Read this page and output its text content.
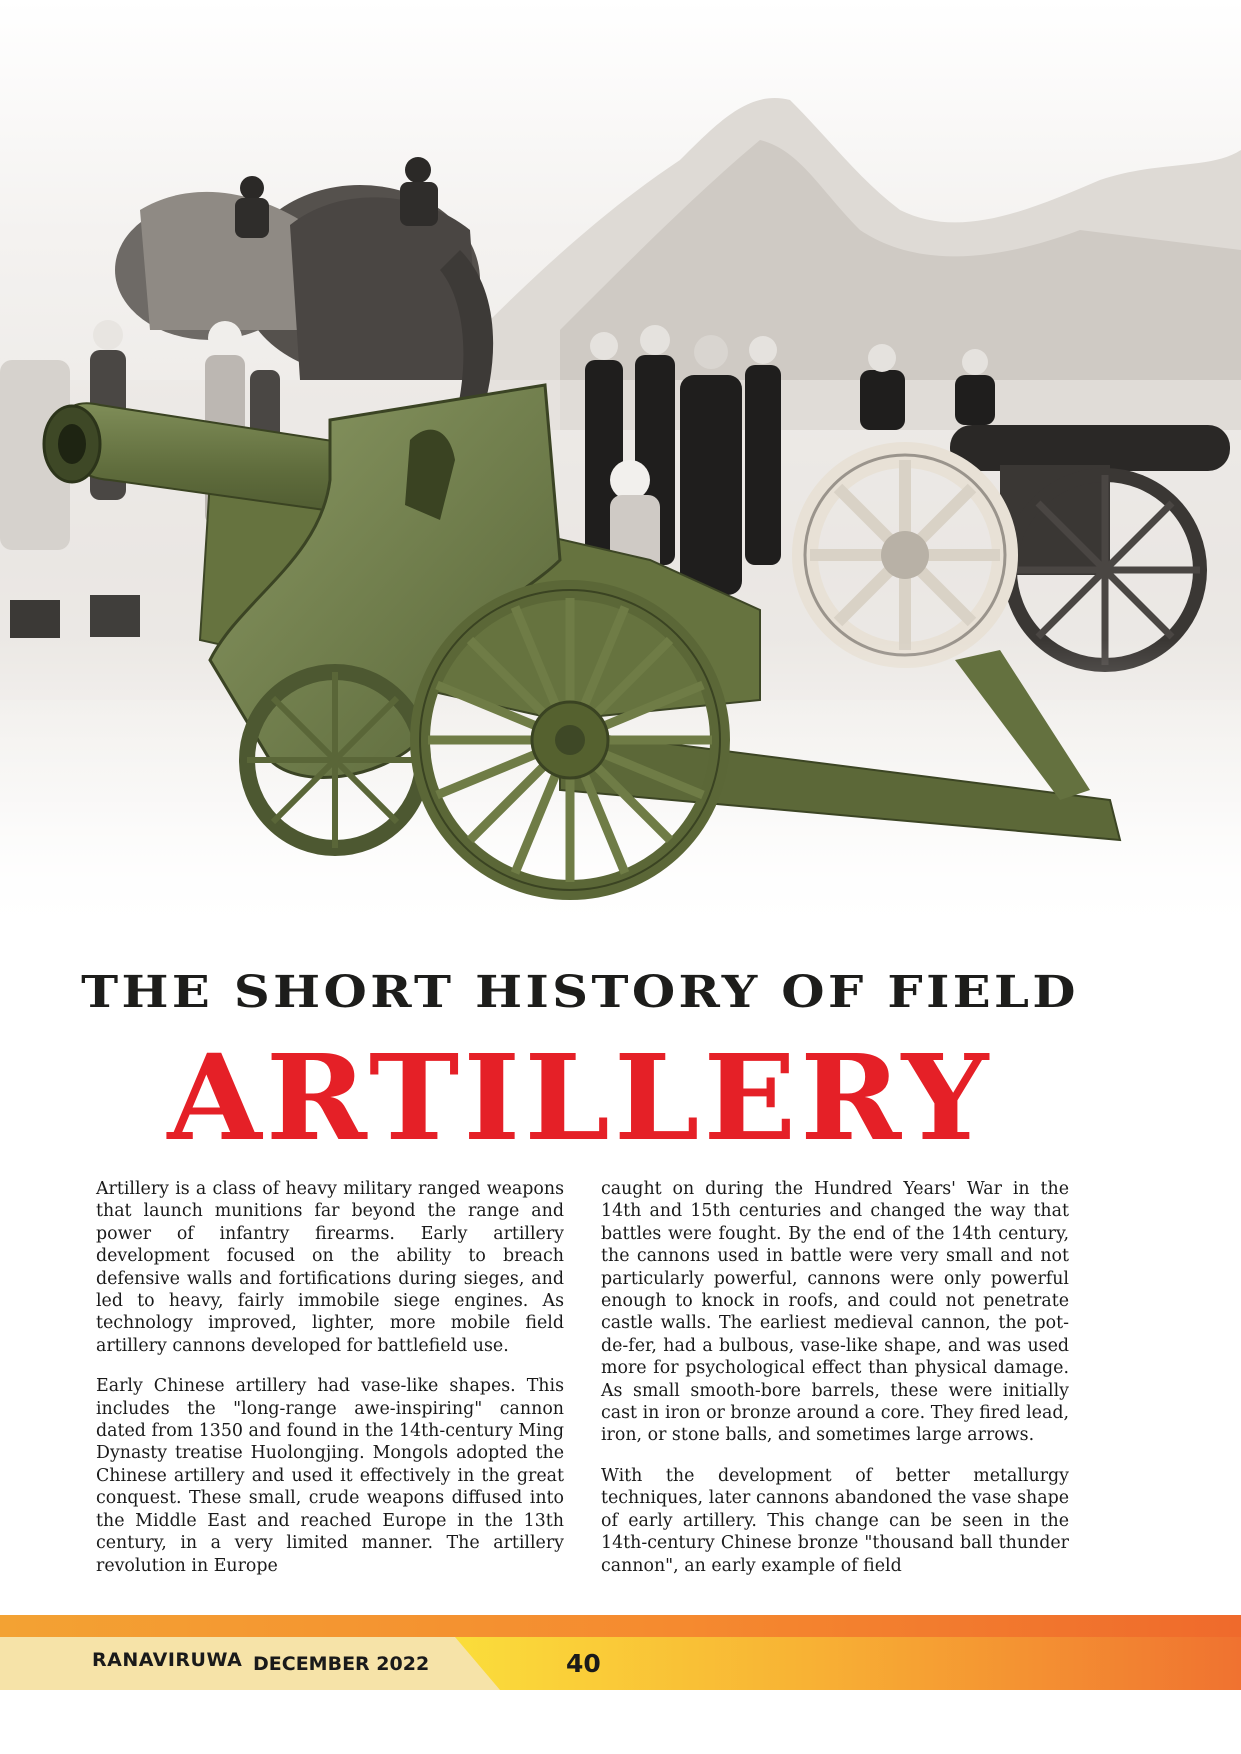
THE SHORT HISTORY OF FIELD
ARTILLERY

Artillery is a class of heavy military ranged weapons that launch munitions far beyond the range and power of infantry firearms. Early artillery development focused on the ability to breach defensive walls and fortifications during sieges, and led to heavy, fairly immobile siege engines. As technology improved, lighter, more mobile field artillery cannons developed for battlefield use.

Early Chinese artillery had vase-like shapes. This includes the "long-range awe-inspiring" cannon dated from 1350 and found in the 14th-century Ming Dynasty treatise Huolongjing. Mongols adopted the Chinese artillery and used it effectively in the great conquest. These small, crude weapons diffused into the Middle East and reached Europe in the 13th century, in a very limited manner. The artillery revolution in Europe

caught on during the Hundred Years' War in the 14th and 15th centuries and changed the way that battles were fought. By the end of the 14th century, the cannons used in battle were very small and not particularly powerful, cannons were only powerful enough to knock in roofs, and could not penetrate castle walls. The earliest medieval cannon, the pot-de-fer, had a bulbous, vase-like shape, and was used more for psychological effect than physical damage. As small smooth-bore barrels, these were initially cast in iron or bronze around a core. They fired lead, iron, or stone balls, and sometimes large arrows.

With the development of better metallurgy techniques, later cannons abandoned the vase shape of early artillery. This change can be seen in the 14th-century Chinese bronze "thousand ball thunder cannon", an early example of field

RANAVIRUWA DECEMBER 2022	40
